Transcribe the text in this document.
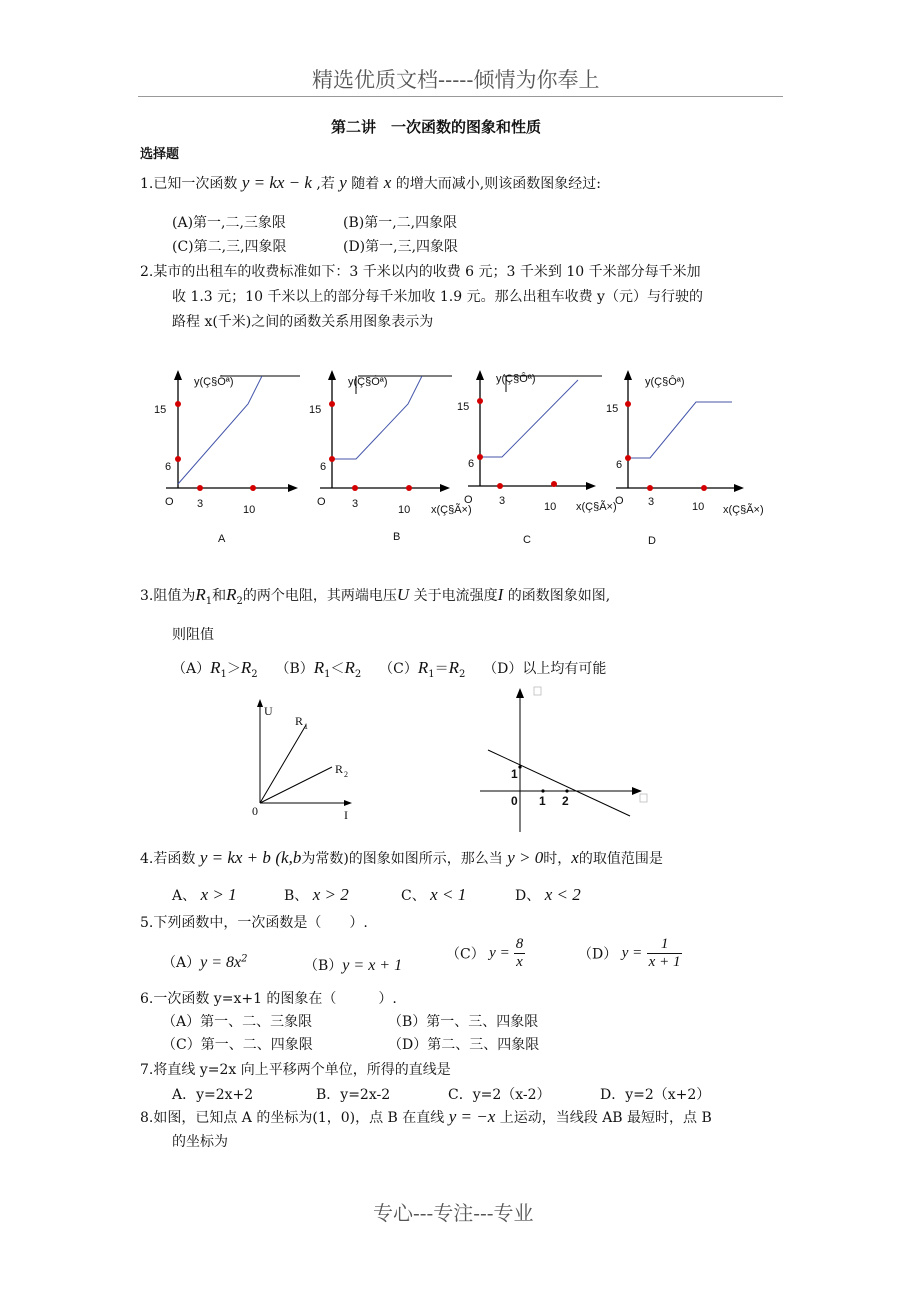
精选优质文档-----倾情为你奉上
第二讲　一次函数的图象和性质
选择题
1.已知一次函数 y = kx − k ,若 y 随着 x 的增大而减小,则该函数图象经过:
(A)第一,二,三象限	(B)第一,二,四象限
(C)第二,三,四象限	(D)第一,三,四象限
2.某市的出租车的收费标准如下：3 千米以内的收费 6 元；3 千米到 10 千米部分每千米加
收 1.3 元；10 千米以上的部分每千米加收 1.9 元。那么出租车收费 y（元）与行驶的
路程 x(千米)之间的函数关系用图象表示为
y(Ç§Ôª)
15
6
O 3	10
A
y(Ç§Ôª)
15
6
O 3	10 x(Ç§Ã×)
B
y(Ç§Ôª)
15
6
O 3	10 x(Ç§Ã×)
C
y(Ç§Ôª)
15
6
O 3	10 x(Ç§Ã×)
D
3.阻值为$R_1$和$R_2$的两个电阻，其两端电压U 关于电流强度I 的函数图象如图,
则阻值
$(A)R_1>R_2$ $(B)R_1<R_2$ $(C)R_1=R_2$ （D）以上均有可能
U
I
R 1
R 2
0
1
0 1 2
4.若函数 y = kx + b (k,b为常数)的图象如图所示，那么当 y > 0时，x的取值范围是
A、 x > 1	B、 x > 2	C、 x < 1	D、 x < 2
5.下列函数中，一次函数是（　　）.
$(A)y = 8x^2$	（B）y = x + 1
（C） $y = \frac{8}{x}$	（D） $y = \frac{1}{x + 1}$
6.一次函数 y=x+1 的图象在（　　　）.
（A）第一、二、三象限	（B）第一、三、四象限
（C）第一、二、四象限	（D）第二、三、四象限
7.将直线 y=2x 向上平移两个单位，所得的直线是
A．y=2x+2	B．y=2x-2	C．y=2（x-2）	D．y=2（x+2）
8.如图，已知点 A 的坐标为(1，0)，点 B 在直线 y = −x 上运动，当线段 AB 最短时，点 B
的坐标为
专心---专注---专业
